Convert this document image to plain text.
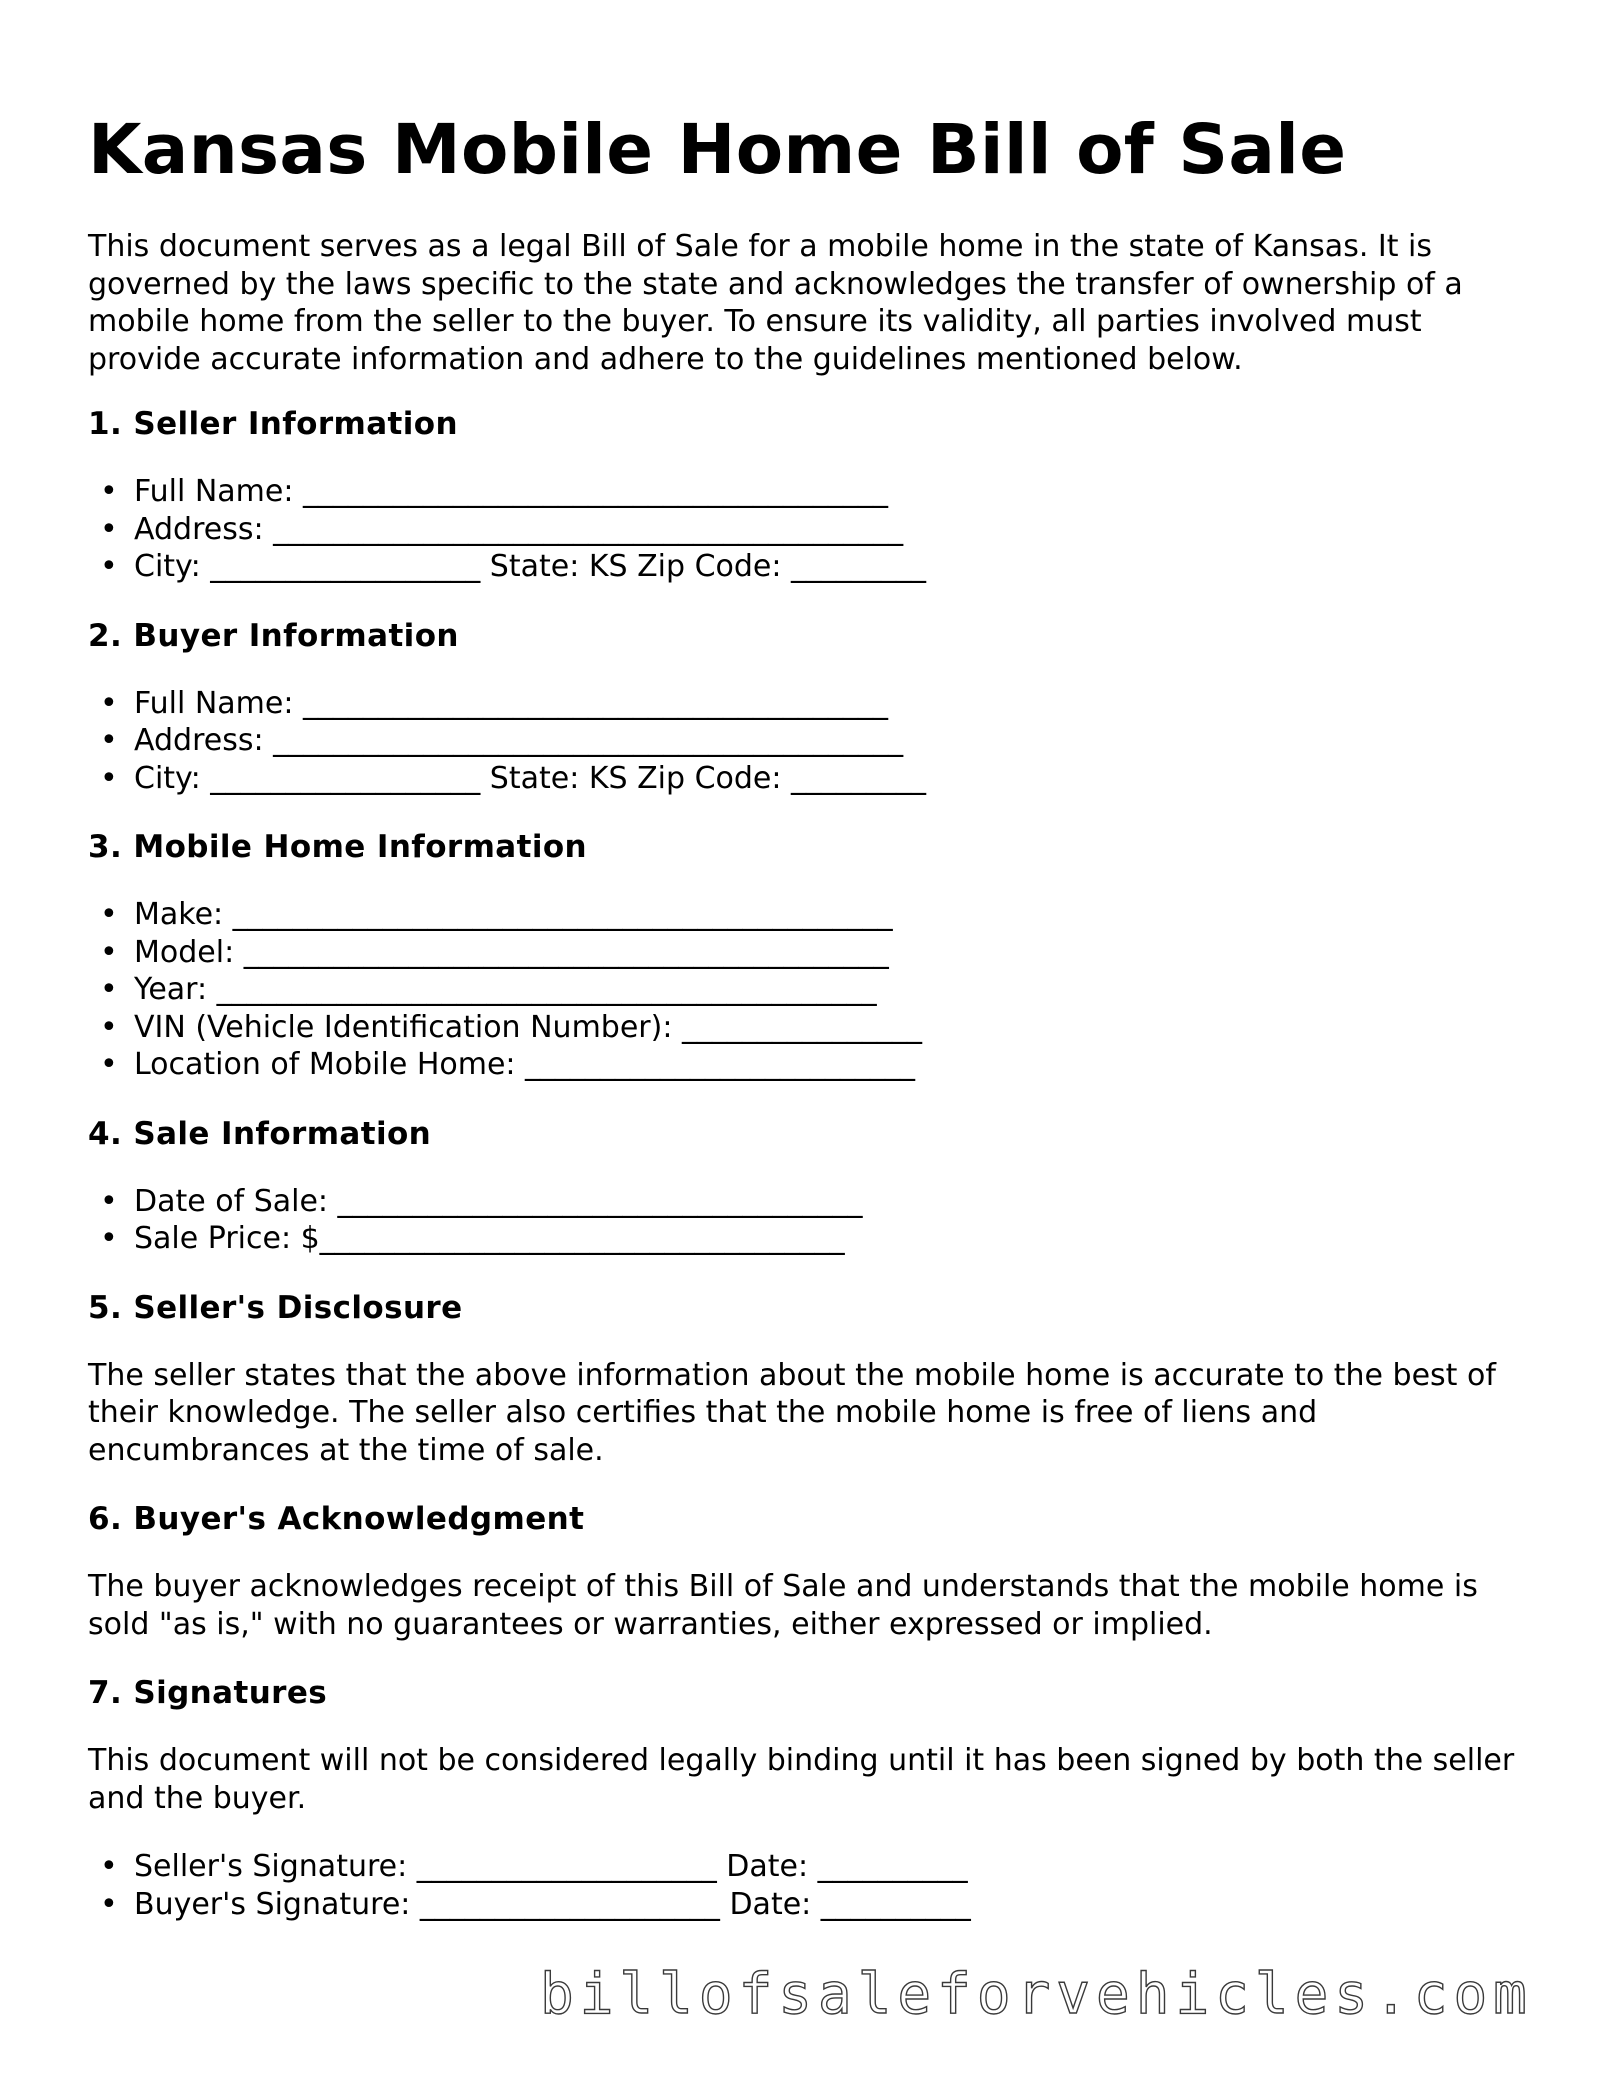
Kansas Mobile Home Bill of Sale

This document serves as a legal Bill of Sale for a mobile home in the state of Kansas. It is governed by the laws specific to the state and acknowledges the transfer of ownership of a mobile home from the seller to the buyer. To ensure its validity, all parties involved must provide accurate information and adhere to the guidelines mentioned below.

1. Seller Information
• Full Name: _______________________________________
• Address: __________________________________________
• City: __________________ State: KS Zip Code: _________
2. Buyer Information
• Full Name: _______________________________________
• Address: __________________________________________
• City: __________________ State: KS Zip Code: _________
3. Mobile Home Information
• Make: ____________________________________________
• Model: ___________________________________________
• Year: ____________________________________________
• VIN (Vehicle Identification Number): ________________
• Location of Mobile Home: __________________________
4. Sale Information
• Date of Sale: ___________________________________
• Sale Price: $___________________________________
5. Seller's Disclosure

The seller states that the above information about the mobile home is accurate to the best of their knowledge. The seller also certifies that the mobile home is free of liens and encumbrances at the time of sale.

6. Buyer's Acknowledgment

The buyer acknowledges receipt of this Bill of Sale and understands that the mobile home is sold "as is," with no guarantees or warranties, either expressed or implied.

7. Signatures

This document will not be considered legally binding until it has been signed by both the seller and the buyer.

• Seller's Signature: ____________________ Date: __________
• Buyer's Signature: ____________________ Date: __________
billofsaleforvehicles.com
